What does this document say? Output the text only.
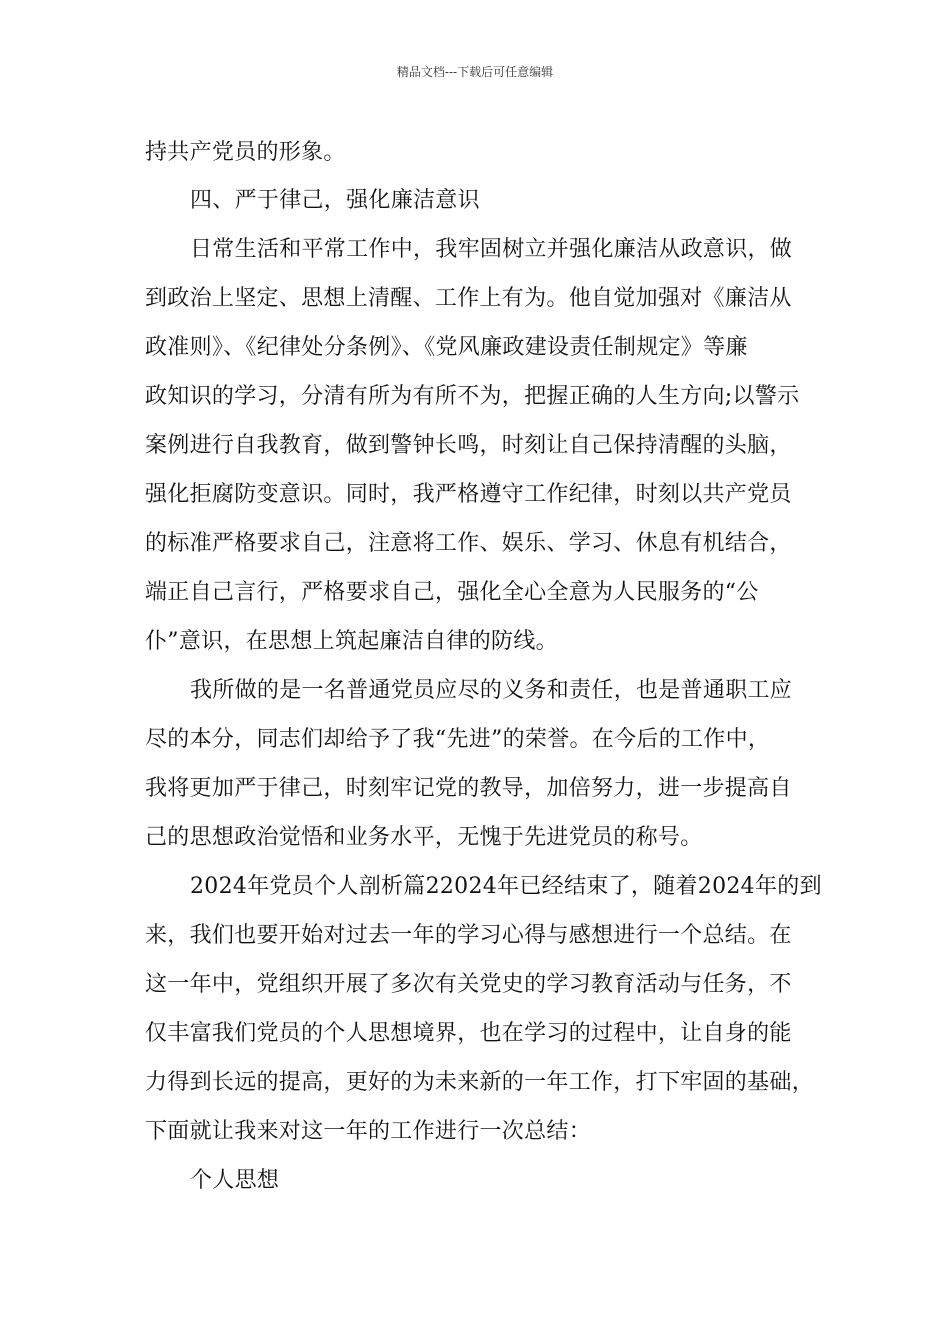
精品文档---下载后可任意编辑
持共产党员的形象。
四、严于律己，强化廉洁意识
日常生活和平常工作中，我牢固树立并强化廉洁从政意识，做
到政治上坚定、思想上清醒、工作上有为。他自觉加强对《廉洁从
政准则》、《纪律处分条例》、《党风廉政建设责任制规定》等廉
政知识的学习，分清有所为有所不为，把握正确的人生方向;以警示
案例进行自我教育，做到警钟长鸣，时刻让自己保持清醒的头脑，
强化拒腐防变意识。同时，我严格遵守工作纪律，时刻以共产党员
的标准严格要求自己，注意将工作、娱乐、学习、休息有机结合，
端正自己言行，严格要求自己，强化全心全意为人民服务的“公
仆”意识，在思想上筑起廉洁自律的防线。
我所做的是一名普通党员应尽的义务和责任，也是普通职工应
尽的本分，同志们却给予了我“先进”的荣誉。在今后的工作中，
我将更加严于律己，时刻牢记党的教导，加倍努力，进一步提高自
己的思想政治觉悟和业务水平，无愧于先进党员的称号。
2024年党员个人剖析篇22024年已经结束了，随着2024年的到
来，我们也要开始对过去一年的学习心得与感想进行一个总结。在
这一年中，党组织开展了多次有关党史的学习教育活动与任务，不
仅丰富我们党员的个人思想境界，也在学习的过程中，让自身的能
力得到长远的提高，更好的为未来新的一年工作，打下牢固的基础，
下面就让我来对这一年的工作进行一次总结：
个人思想
